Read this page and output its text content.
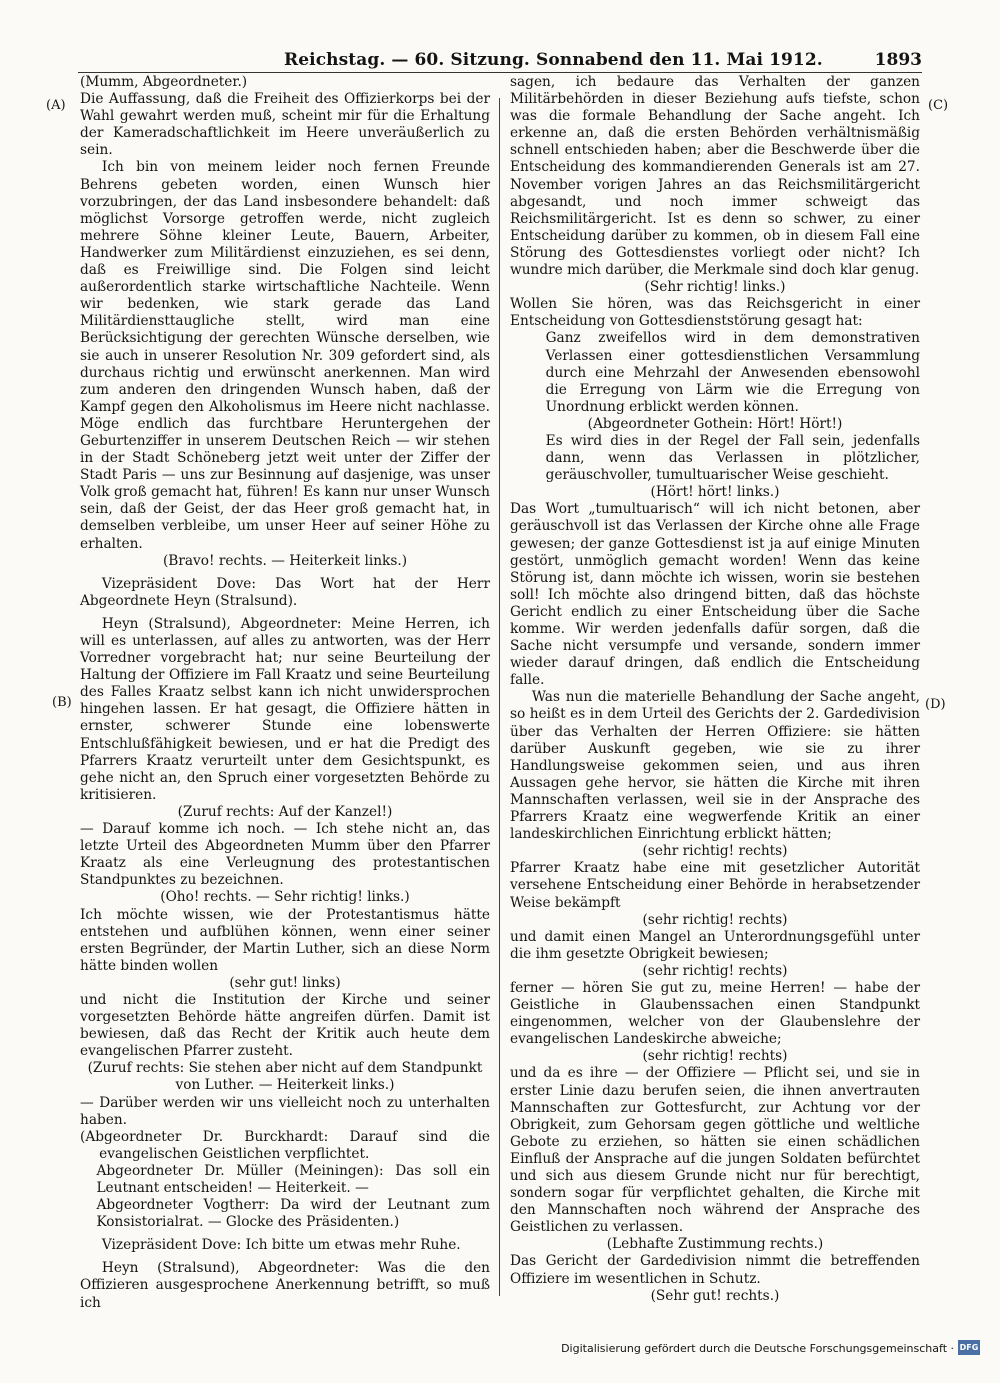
Reichstag. — 60. Sitzung. Sonnabend den 11. Mai 1912.	1893
(A)
(B)
(C)
(D)

(Mumm, Abgeordneter.)

Die Auffassung, daß die Freiheit des Offizierkorps bei der Wahl gewahrt werden muß, scheint mir für die Erhaltung der Kameradschaftlichkeit im Heere unveräußerlich zu sein.

Ich bin von meinem leider noch fernen Freunde Behrens gebeten worden, einen Wunsch hier vorzubringen, der das Land insbesondere behandelt: daß möglichst Vorsorge getroffen werde, nicht zugleich mehrere Söhne kleiner Leute, Bauern, Arbeiter, Handwerker zum Militärdienst einzuziehen, es sei denn, daß es Freiwillige sind. Die Folgen sind leicht außerordentlich starke wirtschaftliche Nachteile. Wenn wir bedenken, wie stark gerade das Land Militärdiensttaugliche stellt, wird man eine Berücksichtigung der gerechten Wünsche derselben, wie sie auch in unserer Resolution Nr. 309 gefordert sind, als durchaus richtig und erwünscht anerkennen. Man wird zum anderen den dringenden Wunsch haben, daß der Kampf gegen den Alkoholismus im Heere nicht nachlasse. Möge endlich das furchtbare Heruntergehen der Geburtenziffer in unserem Deutschen Reich — wir stehen in der Stadt Schöneberg jetzt weit unter der Ziffer der Stadt Paris — uns zur Besinnung auf dasjenige, was unser Volk groß gemacht hat, führen! Es kann nur unser Wunsch sein, daß der Geist, der das Heer groß gemacht hat, in demselben verbleibe, um unser Heer auf seiner Höhe zu erhalten.

(Bravo! rechts. — Heiterkeit links.)

Vizepräsident Dove: Das Wort hat der Herr Abgeordnete Heyn (Stralsund).

Heyn (Stralsund), Abgeordneter: Meine Herren, ich will es unterlassen, auf alles zu antworten, was der Herr Vorredner vorgebracht hat; nur seine Beurteilung der Haltung der Offiziere im Fall Kraatz und seine Beurteilung des Falles Kraatz selbst kann ich nicht unwidersprochen hingehen lassen. Er hat gesagt, die Offiziere hätten in ernster, schwerer Stunde eine lobenswerte Entschlußfähigkeit bewiesen, und er hat die Predigt des Pfarrers Kraatz verurteilt unter dem Gesichtspunkt, es gehe nicht an, den Spruch einer vorgesetzten Behörde zu kritisieren.

(Zuruf rechts: Auf der Kanzel!)

— Darauf komme ich noch. — Ich stehe nicht an, das letzte Urteil des Abgeordneten Mumm über den Pfarrer Kraatz als eine Verleugnung des protestantischen Standpunktes zu bezeichnen.

(Oho! rechts. — Sehr richtig! links.)

Ich möchte wissen, wie der Protestantismus hätte entstehen und aufblühen können, wenn einer seiner ersten Begründer, der Martin Luther, sich an diese Norm hätte binden wollen

(sehr gut! links)

und nicht die Institution der Kirche und seiner vorgesetzten Behörde hätte angreifen dürfen. Damit ist bewiesen, daß das Recht der Kritik auch heute dem evangelischen Pfarrer zusteht.

(Zuruf rechts: Sie stehen aber nicht auf dem Standpunkt von Luther. — Heiterkeit links.)

— Darüber werden wir uns vielleicht noch zu unterhalten haben.

(Abgeordneter Dr. Burckhardt: Darauf sind die evangelischen Geistlichen verpflichtet.

Abgeordneter Dr. Müller (Meiningen): Das soll ein Leutnant entscheiden! — Heiterkeit. —

Abgeordneter Vogtherr: Da wird der Leutnant zum Konsistorialrat. — Glocke des Präsidenten.)

Vizepräsident Dove: Ich bitte um etwas mehr Ruhe.

Heyn (Stralsund), Abgeordneter: Was die den Offizieren ausgesprochene Anerkennung betrifft, so muß ich

sagen, ich bedaure das Verhalten der ganzen Militärbehörden in dieser Beziehung aufs tiefste, schon was die formale Behandlung der Sache angeht. Ich erkenne an, daß die ersten Behörden verhältnismäßig schnell entschieden haben; aber die Beschwerde über die Entscheidung des kommandierenden Generals ist am 27. November vorigen Jahres an das Reichsmilitärgericht abgesandt, und noch immer schweigt das Reichsmilitärgericht. Ist es denn so schwer, zu einer Entscheidung darüber zu kommen, ob in diesem Fall eine Störung des Gottesdienstes vorliegt oder nicht? Ich wundre mich darüber, die Merkmale sind doch klar genug.

(Sehr richtig! links.)

Wollen Sie hören, was das Reichsgericht in einer Entscheidung von Gottesdienststörung gesagt hat:

Ganz zweifellos wird in dem demonstrativen Verlassen einer gottesdienstlichen Versammlung durch eine Mehrzahl der Anwesenden ebensowohl die Erregung von Lärm wie die Erregung von Unordnung erblickt werden können.

(Abgeordneter Gothein: Hört! Hört!)

Es wird dies in der Regel der Fall sein, jedenfalls dann, wenn das Verlassen in plötzlicher, geräuschvoller, tumultuarischer Weise geschieht.

(Hört! hört! links.)

Das Wort „tumultuarisch“ will ich nicht betonen, aber geräuschvoll ist das Verlassen der Kirche ohne alle Frage gewesen; der ganze Gottesdienst ist ja auf einige Minuten gestört, unmöglich gemacht worden! Wenn das keine Störung ist, dann möchte ich wissen, worin sie bestehen soll! Ich möchte also dringend bitten, daß das höchste Gericht endlich zu einer Entscheidung über die Sache komme. Wir werden jedenfalls dafür sorgen, daß die Sache nicht versumpfe und versande, sondern immer wieder darauf dringen, daß endlich die Entscheidung falle.

Was nun die materielle Behandlung der Sache angeht, so heißt es in dem Urteil des Gerichts der 2. Gardedivision über das Verhalten der Herren Offiziere: sie hätten darüber Auskunft gegeben, wie sie zu ihrer Handlungsweise gekommen seien, und aus ihren Aussagen gehe hervor, sie hätten die Kirche mit ihren Mannschaften verlassen, weil sie in der Ansprache des Pfarrers Kraatz eine wegwerfende Kritik an einer landeskirchlichen Einrichtung erblickt hätten;

(sehr richtig! rechts)

Pfarrer Kraatz habe eine mit gesetzlicher Autorität versehene Entscheidung einer Behörde in herabsetzender Weise bekämpft

(sehr richtig! rechts)

und damit einen Mangel an Unterordnungsgefühl unter die ihm gesetzte Obrigkeit bewiesen;

(sehr richtig! rechts)

ferner — hören Sie gut zu, meine Herren! — habe der Geistliche in Glaubenssachen einen Standpunkt eingenommen, welcher von der Glaubenslehre der evangelischen Landeskirche abweiche;

(sehr richtig! rechts)

und da es ihre — der Offiziere — Pflicht sei, und sie in erster Linie dazu berufen seien, die ihnen anvertrauten Mannschaften zur Gottesfurcht, zur Achtung vor der Obrigkeit, zum Gehorsam gegen göttliche und weltliche Gebote zu erziehen, so hätten sie einen schädlichen Einfluß der Ansprache auf die jungen Soldaten befürchtet und sich aus diesem Grunde nicht nur für berechtigt, sondern sogar für verpflichtet gehalten, die Kirche mit den Mannschaften noch während der Ansprache des Geistlichen zu verlassen.

(Lebhafte Zustimmung rechts.)

Das Gericht der Gardedivision nimmt die betreffenden Offiziere im wesentlichen in Schutz.

(Sehr gut! rechts.)

Digitalisierung gefördert durch die Deutsche Forschungsgemeinschaft · DFG
